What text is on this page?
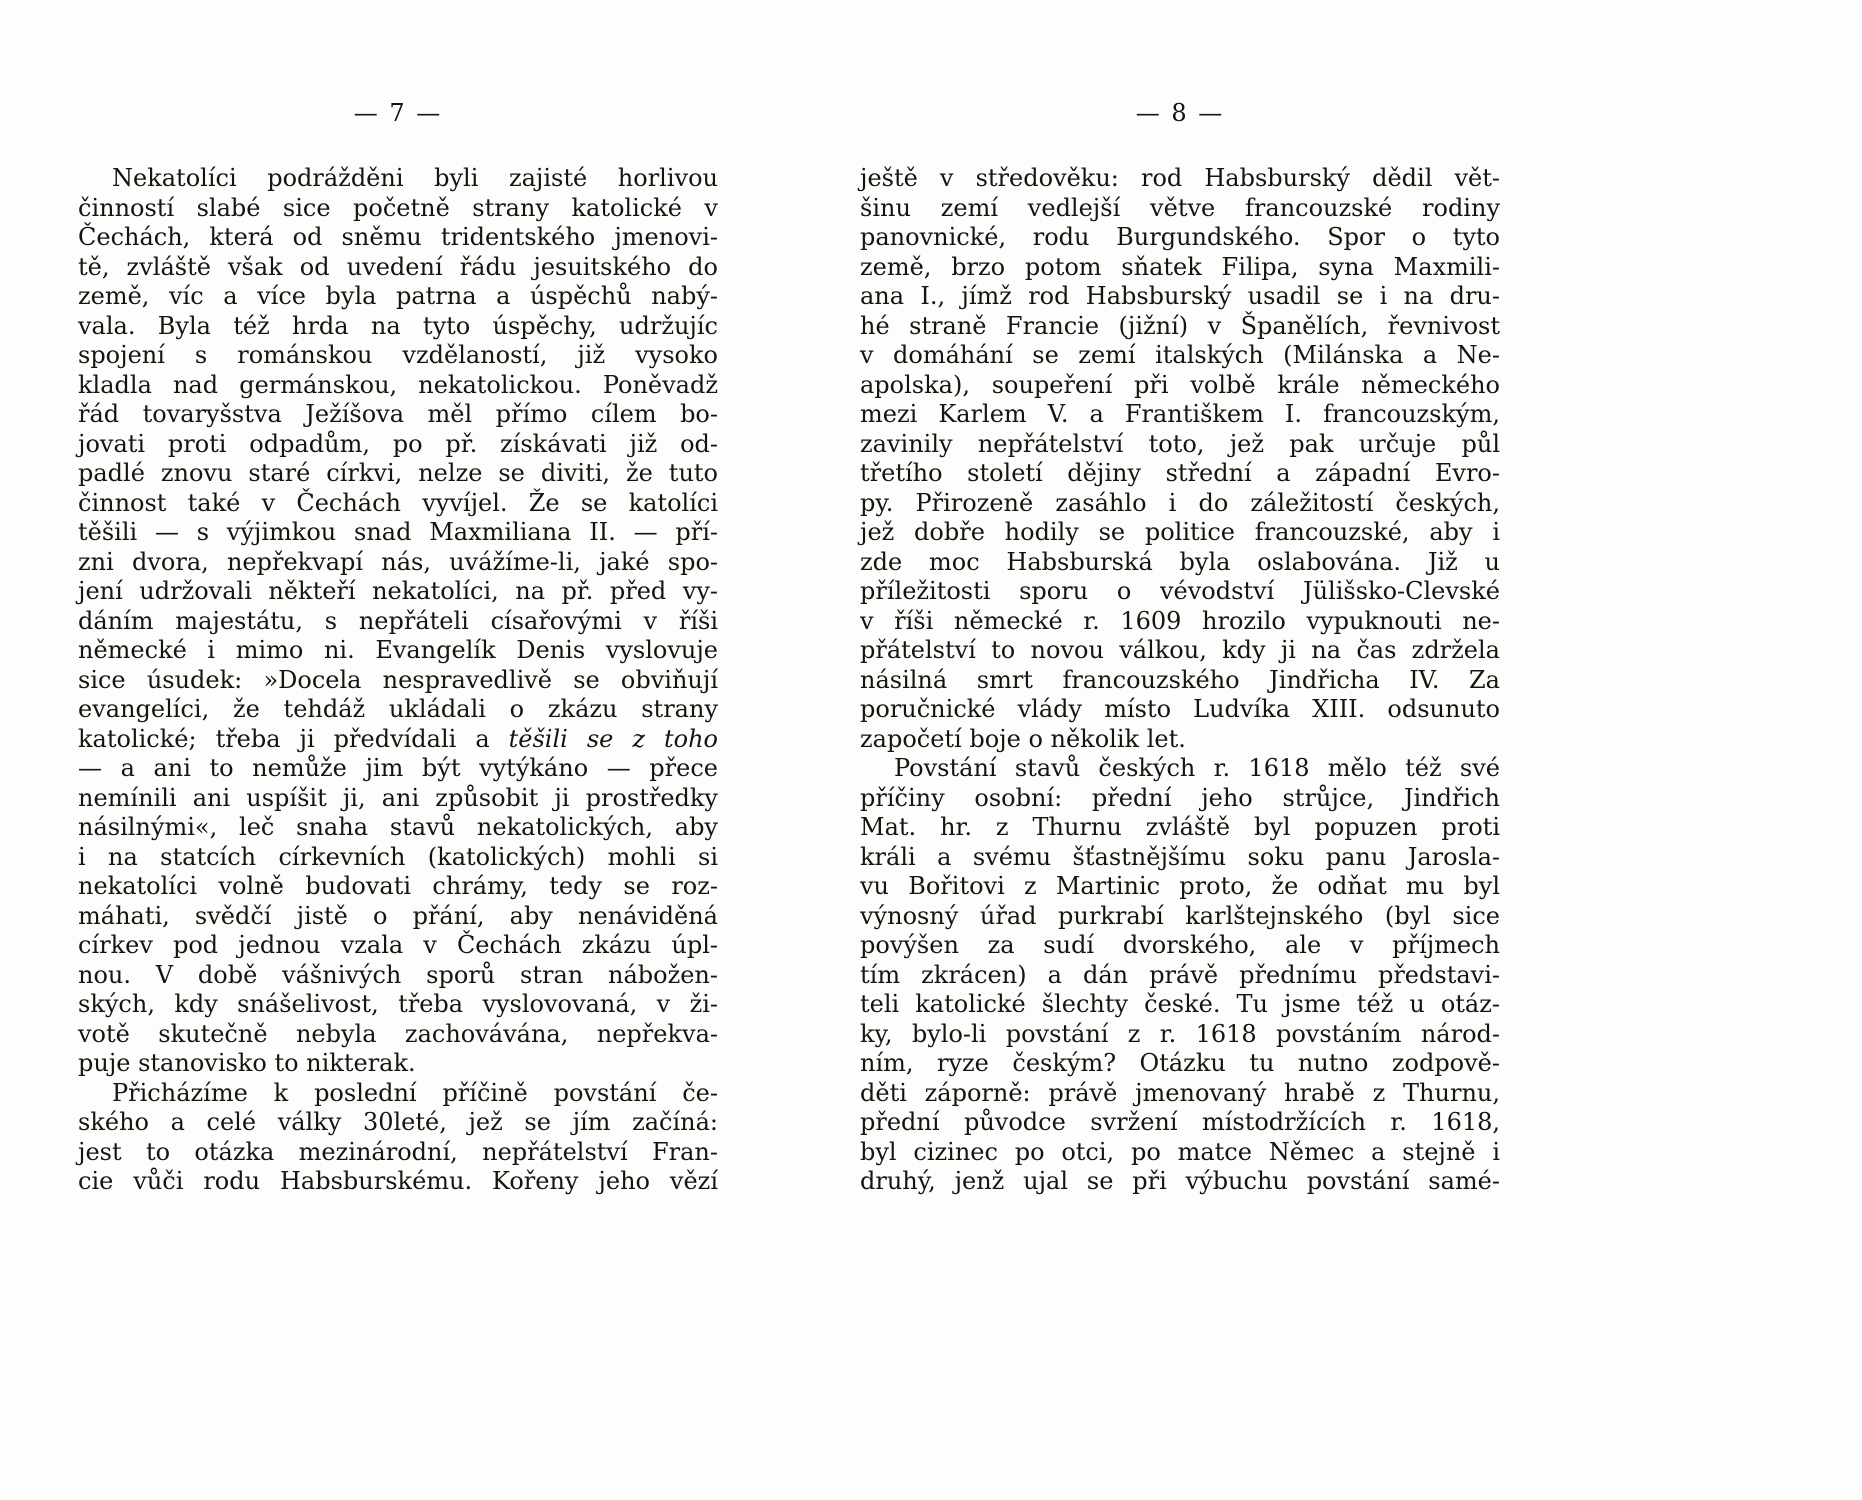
— 7 —
Nekatolíci podrážděni byli zajisté horlivou
činností slabé sice početně strany katolické v
Čechách, která od sněmu tridentského jmenovi-
tě, zvláště však od uvedení řádu jesuitského do
země, víc a více byla patrna a úspěchů nabý-
vala. Byla též hrda na tyto úspěchy, udržujíc
spojení s románskou vzdělaností, již vysoko
kladla nad germánskou, nekatolickou. Poněvadž
řád tovaryšstva Ježíšova měl přímo cílem bo-
jovati proti odpadům, po př. získávati již od-
padlé znovu staré církvi, nelze se diviti, že tuto
činnost také v Čechách vyvíjel. Že se katolíci
těšili — s výjimkou snad Maxmiliana II. — pří-
zni dvora, nepřekvapí nás, uvážíme-li, jaké spo-
jení udržovali někteří nekatolíci, na př. před vy-
dáním majestátu, s nepřáteli císařovými v říši
německé i mimo ni. Evangelík Denis vyslovuje
sice úsudek: »Docela nespravedlivě se obviňují
evangelíci, že tehdáž ukládali o zkázu strany
katolické; třeba ji předvídali a těšili se z toho
— a ani to nemůže jim být vytýkáno — přece
nemínili ani uspíšit ji, ani způsobit ji prostředky
násilnými«, leč snaha stavů nekatolických, aby
i na statcích církevních (katolických) mohli si
nekatolíci volně budovati chrámy, tedy se roz-
máhati, svědčí jistě o přání, aby nenáviděná
církev pod jednou vzala v Čechách zkázu úpl-
nou. V době vášnivých sporů stran nábožen-
ských, kdy snášelivost, třeba vyslovovaná, v ži-
votě skutečně nebyla zachovávána, nepřekva-
puje stanovisko to nikterak.
Přicházíme k poslední příčině povstání če-
ského a celé války 30leté, jež se jím začíná:
jest to otázka mezinárodní, nepřátelství Fran-
cie vůči rodu Habsburskému. Kořeny jeho vězí
— 8 —
ještě v středověku: rod Habsburský dědil vět-
šinu zemí vedlejší větve francouzské rodiny
panovnické, rodu Burgundského. Spor o tyto
země, brzo potom sňatek Filipa, syna Maxmili-
ana I., jímž rod Habsburský usadil se i na dru-
hé straně Francie (jižní) v Španělích, řevnivost
v domáhání se zemí italských (Milánska a Ne-
apolska), soupeření při volbě krále německého
mezi Karlem V. a Františkem I. francouzským,
zavinily nepřátelství toto, jež pak určuje půl
třetího století dějiny střední a západní Evro-
py. Přirozeně zasáhlo i do záležitostí českých,
jež dobře hodily se politice francouzské, aby i
zde moc Habsburská byla oslabována. Již u
příležitosti sporu o vévodství Jülišsko-Clevské
v říši německé r. 1609 hrozilo vypuknouti ne-
přátelství to novou válkou, kdy ji na čas zdržela
násilná smrt francouzského Jindřicha IV. Za
poručnické vlády místo Ludvíka XIII. odsunuto
započetí boje o několik let.
Povstání stavů českých r. 1618 mělo též své
příčiny osobní: přední jeho strůjce, Jindřich
Mat. hr. z Thurnu zvláště byl popuzen proti
králi a svému šťastnějšímu soku panu Jarosla-
vu Bořitovi z Martinic proto, že odňat mu byl
výnosný úřad purkrabí karlštejnského (byl sice
povýšen za sudí dvorského, ale v příjmech
tím zkrácen) a dán právě přednímu představi-
teli katolické šlechty české. Tu jsme též u otáz-
ky, bylo-li povstání z r. 1618 povstáním národ-
ním, ryze českým? Otázku tu nutno zodpově-
děti záporně: právě jmenovaný hrabě z Thurnu,
přední původce svržení místodržících r. 1618,
byl cizinec po otci, po matce Němec a stejně i
druhý, jenž ujal se při výbuchu povstání samé-
